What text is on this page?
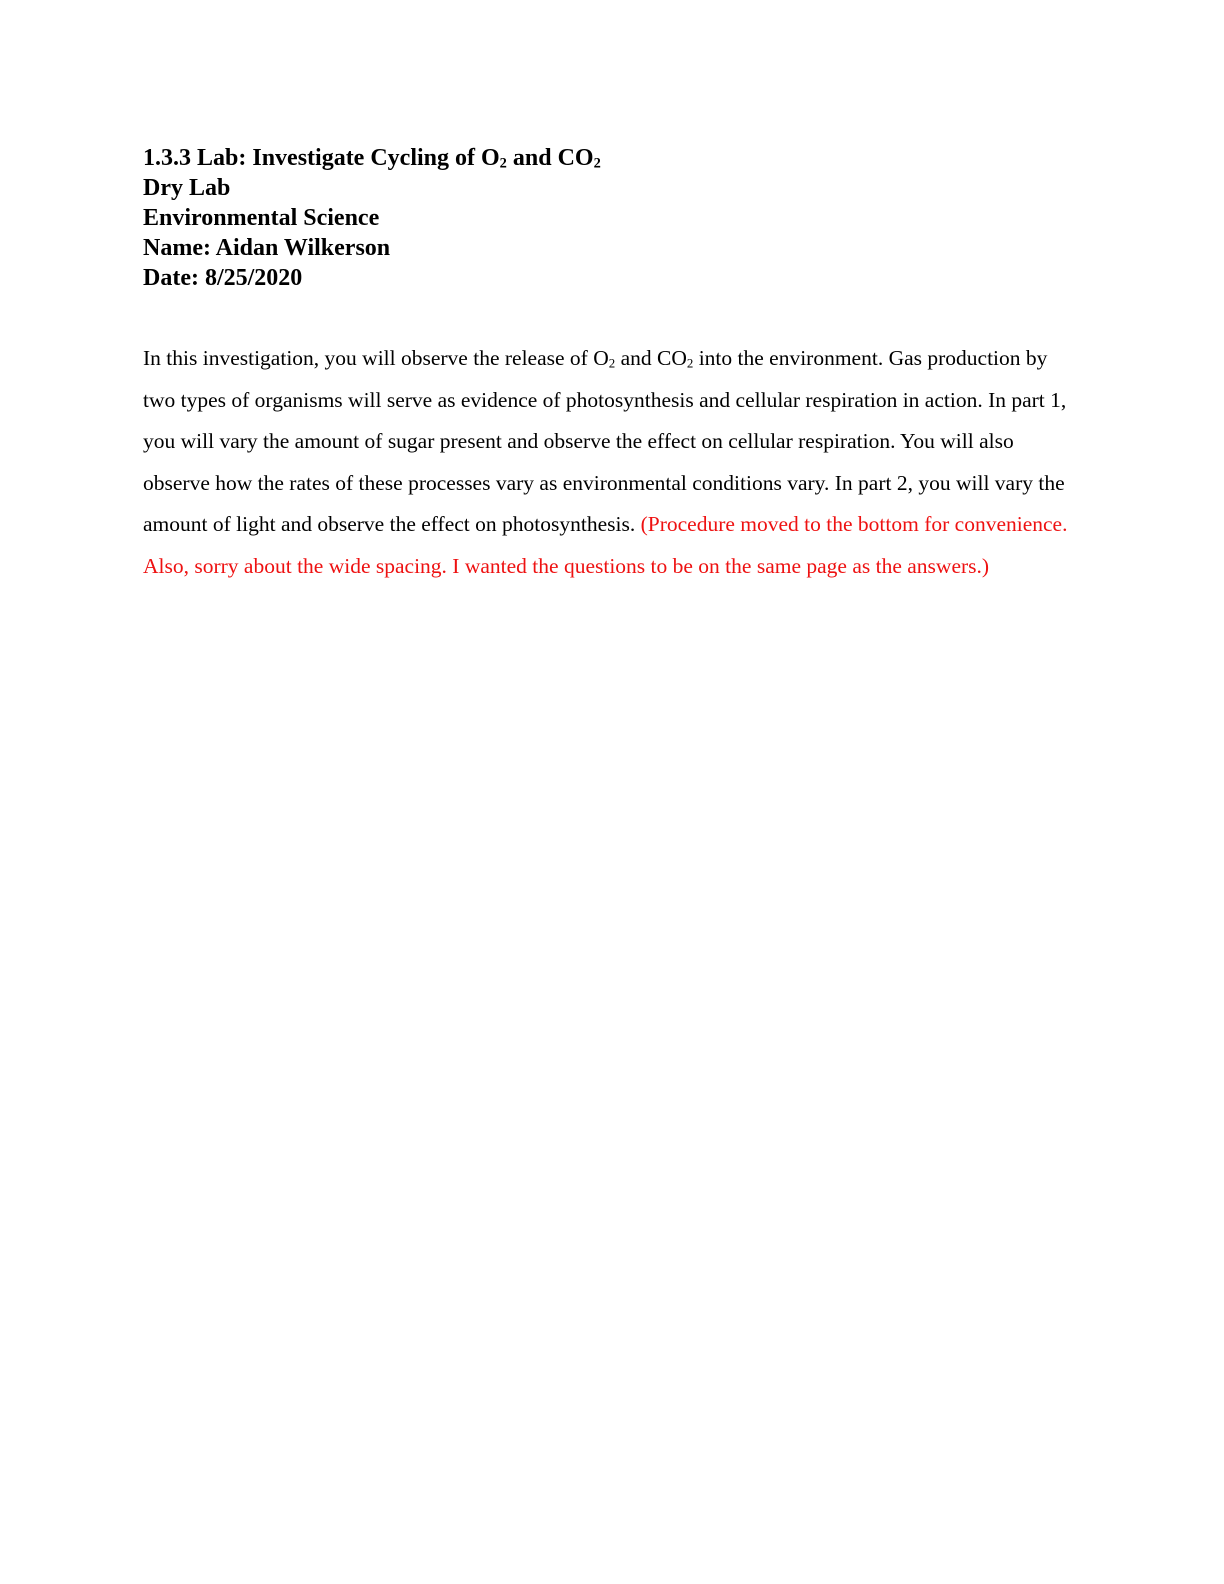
1.3.3 Lab: Investigate Cycling of $O_2$ and $CO_2$
Dry Lab
Environmental Science
Name: Aidan Wilkerson
Date: 8/25/2020
In this investigation, you will observe the release of $O_2$ and $CO_2$ into the environment. Gas production by two types of organisms will serve as evidence of photosynthesis and cellular respiration in action. In part 1, you will vary the amount of sugar present and observe the effect on cellular respiration. You will also observe how the rates of these processes vary as environmental conditions vary. In part 2, you will vary the amount of light and observe the effect on photosynthesis. (Procedure moved to the bottom for convenience. Also, sorry about the wide spacing. I wanted the questions to be on the same page as the answers.)
